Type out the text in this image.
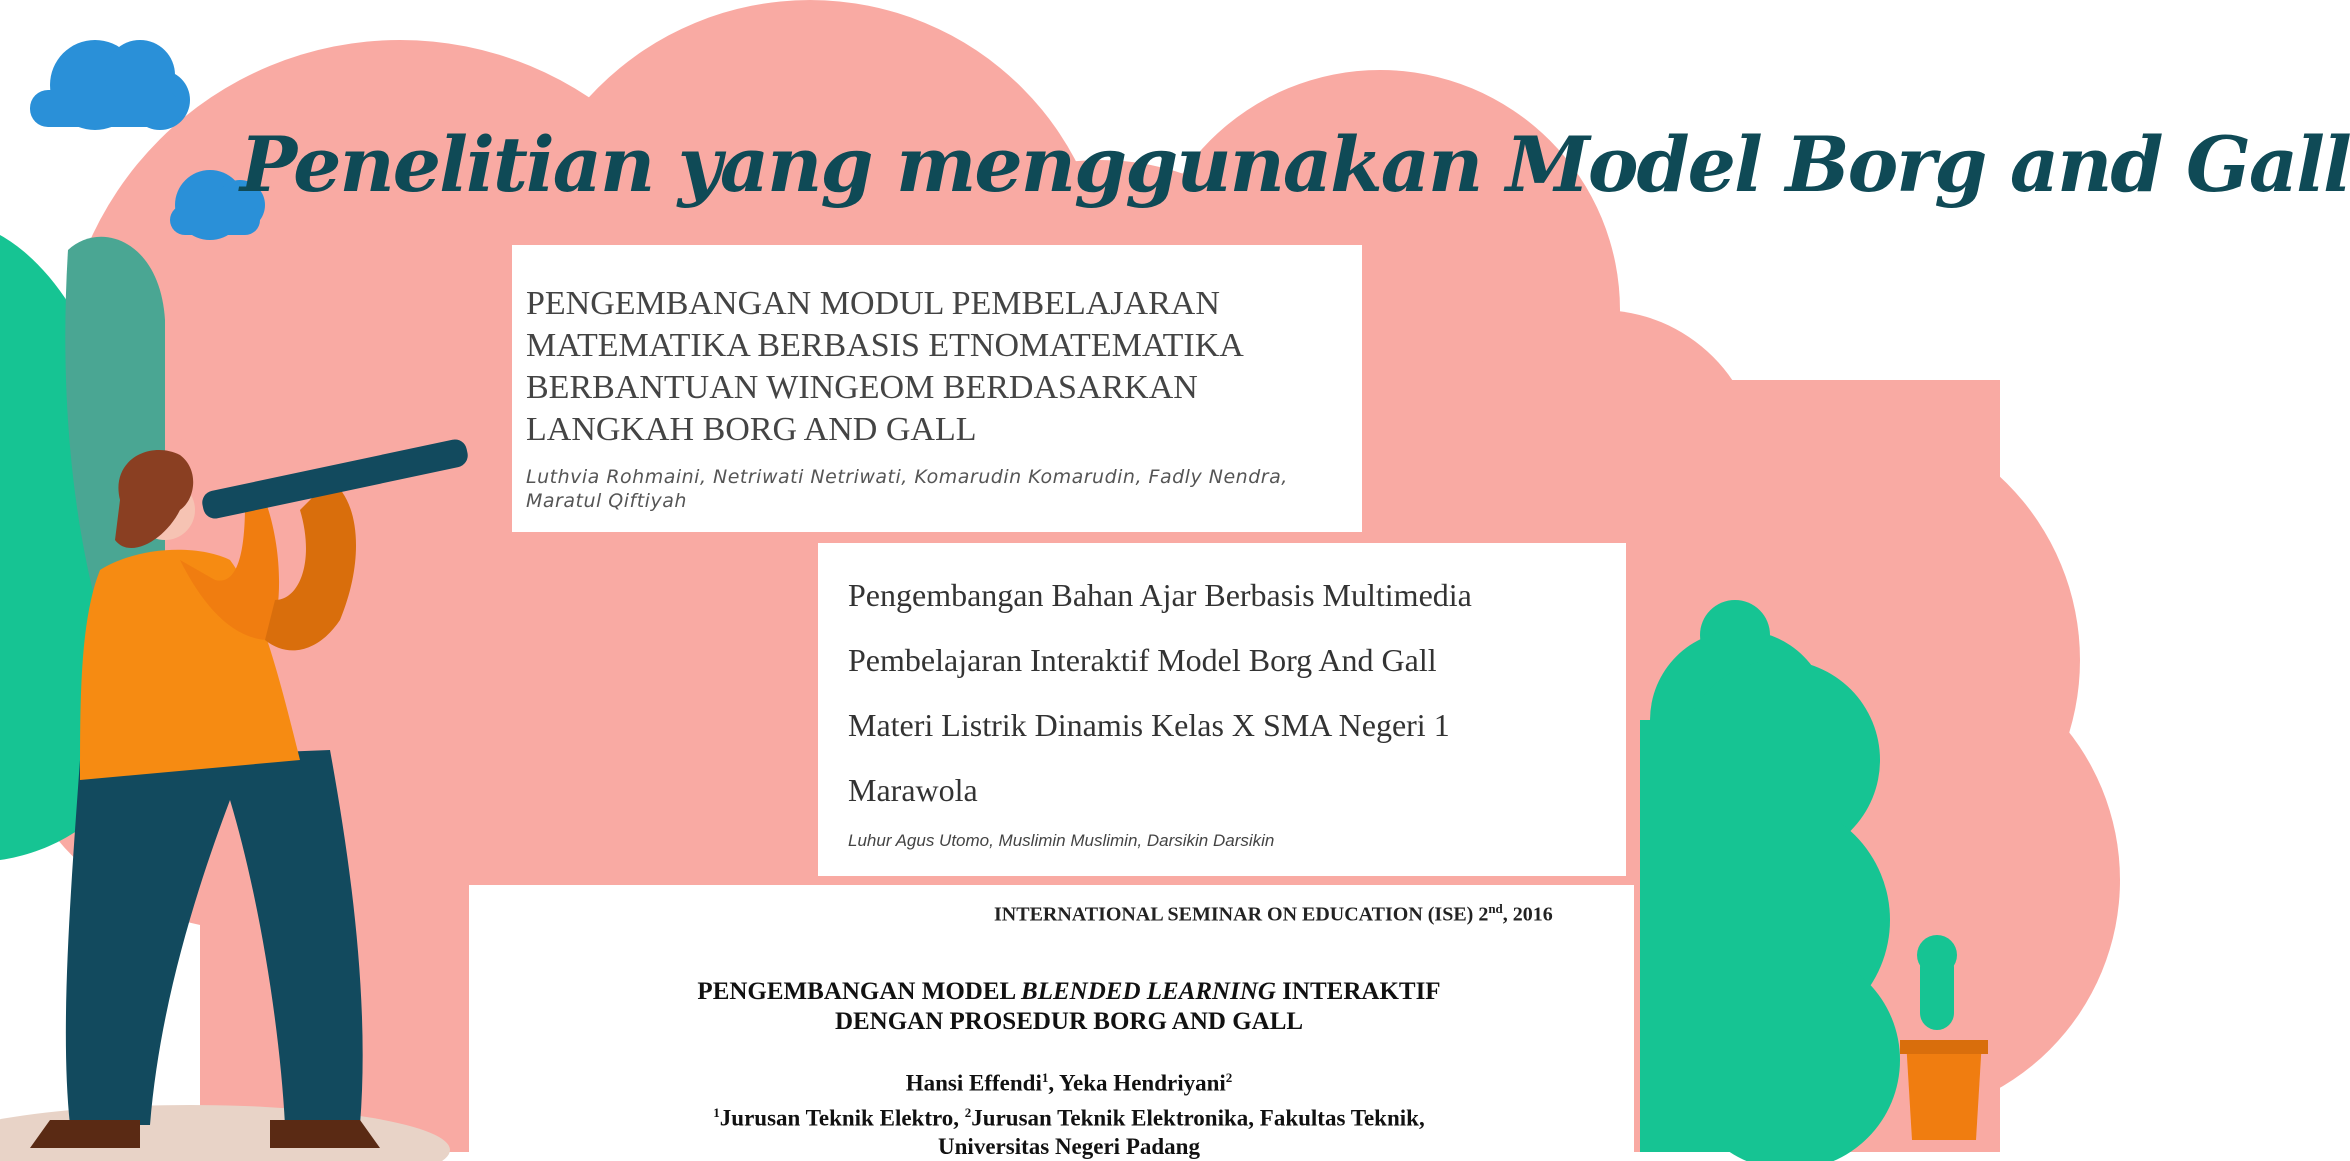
Penelitian yang menggunakan Model Borg and Gall
PENGEMBANGAN MODUL PEMBELAJARAN MATEMATIKA BERBASIS ETNOMATEMATIKA BERBANTUAN WINGEOM BERDASARKAN LANGKAH BORG AND GALL
Luthvia Rohmaini, Netriwati Netriwati, Komarudin Komarudin, Fadly Nendra, Maratul Qiftiyah
Pengembangan Bahan Ajar Berbasis Multimedia
Pembelajaran Interaktif Model Borg And Gall
Materi Listrik Dinamis Kelas X SMA Negeri 1
Marawola
Luhur Agus Utomo, Muslimin Muslimin, Darsikin Darsikin
INTERNATIONAL SEMINAR ON EDUCATION (ISE) 2nd, 2016
PENGEMBANGAN MODEL BLENDED LEARNING INTERAKTIF
DENGAN PROSEDUR BORG AND GALL
Hansi Effendi$^1$, Yeka Hendriyani$^2$
$^1$Jurusan Teknik Elektro, $^2$Jurusan Teknik Elektronika, Fakultas Teknik,
Universitas Negeri Padang
